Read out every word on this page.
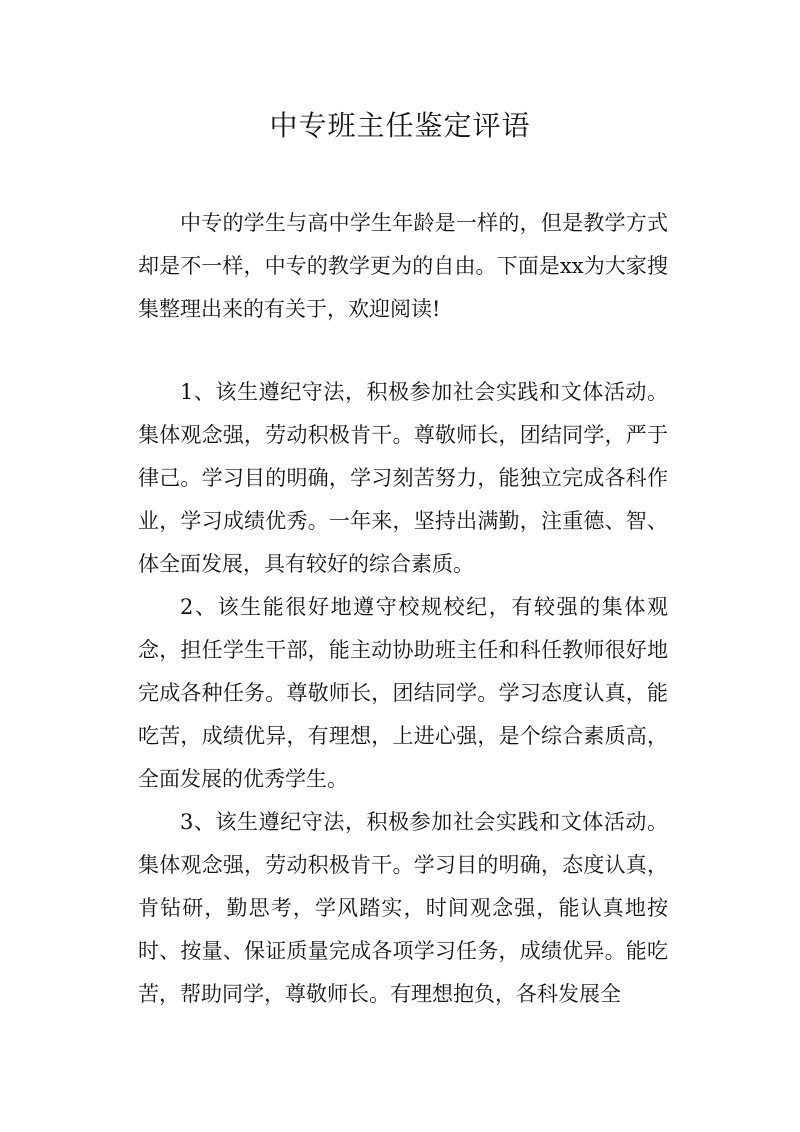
中专班主任鉴定评语

中专的学生与高中学生年龄是一样的，但是教学方式却是不一样，中专的教学更为的自由。下面是xx为大家搜集整理出来的有关于，欢迎阅读!

1、该生遵纪守法，积极参加社会实践和文体活动。集体观念强，劳动积极肯干。尊敬师长，团结同学，严于律己。学习目的明确，学习刻苦努力，能独立完成各科作业，学习成绩优秀。一年来，坚持出满勤，注重德、智、体全面发展，具有较好的综合素质。

2、该生能很好地遵守校规校纪，有较强的集体观念，担任学生干部，能主动协助班主任和科任教师很好地完成各种任务。尊敬师长，团结同学。学习态度认真，能吃苦，成绩优异，有理想，上进心强，是个综合素质高，全面发展的优秀学生。

3、该生遵纪守法，积极参加社会实践和文体活动。集体观念强，劳动积极肯干。学习目的明确，态度认真，肯钻研，勤思考，学风踏实，时间观念强，能认真地按时、按量、保证质量完成各项学习任务，成绩优异。能吃苦，帮助同学，尊敬师长。有理想抱负，各科发展全
